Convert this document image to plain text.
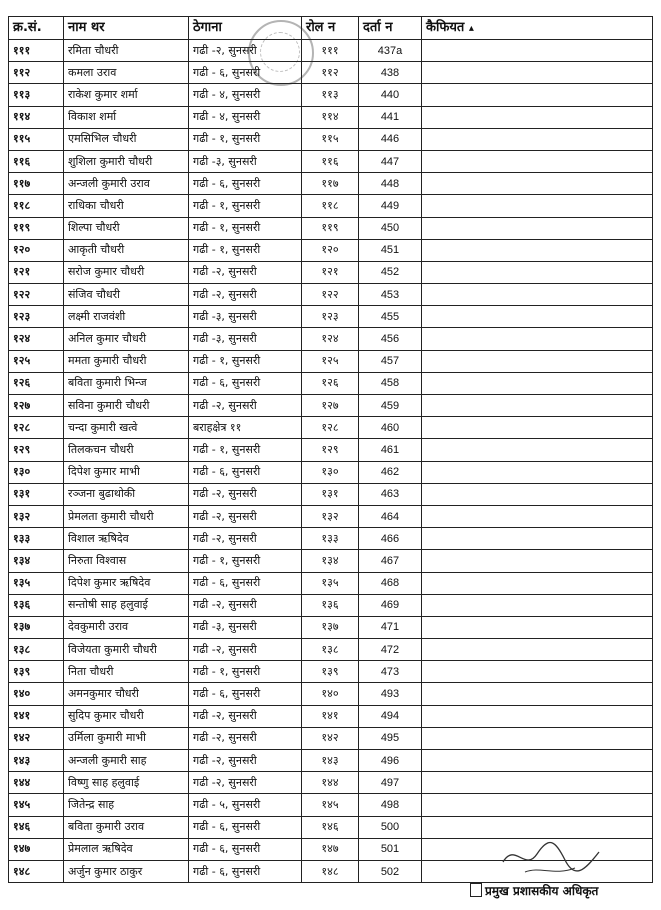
क्र.सं.	नाम थर	ठेगाना	रोल न	दर्ता न	कैफियत ▴
१११	रमिता चौधरी	गढी -२, सुनसरी	१११	437a	
११२	कमला उराव	गढी - ६, सुनसरी	११२	438	
११३	राकेश कुमार शर्मा	गढी - ४, सुनसरी	११३	440	
११४	विकाश शर्मा	गढी - ४, सुनसरी	११४	441	
११५	एमसिभिल चौधरी	गढी - १, सुनसरी	११५	446	
११६	शुशिला कुमारी चौधरी	गढी -३, सुनसरी	११६	447	
११७	अन्जली कुमारी उराव	गढी - ६, सुनसरी	११७	448	
११८	राधिका चौधरी	गढी - १, सुनसरी	११८	449	
११९	शिल्पा चौधरी	गढी - १, सुनसरी	११९	450	
१२०	आकृती चौधरी	गढी - १, सुनसरी	१२०	451	
१२१	सरोज कुमार चौधरी	गढी -२, सुनसरी	१२१	452	
१२२	संजिव चौधरी	गढी -२, सुनसरी	१२२	453	
१२३	लक्ष्मी राजवंशी	गढी -३, सुनसरी	१२३	455	
१२४	अनिल कुमार चौधरी	गढी -३, सुनसरी	१२४	456	
१२५	ममता कुमारी चौधरी	गढी - १, सुनसरी	१२५	457	
१२६	बविता कुमारी भिन्ज	गढी - ६, सुनसरी	१२६	458	
१२७	सविना कुमारी चौधरी	गढी -२, सुनसरी	१२७	459	
१२८	चन्दा कुमारी खत्वे	बराहक्षेत्र ११	१२८	460	
१२९	तिलकचन चौधरी	गढी - १, सुनसरी	१२९	461	
१३०	दिपेश कुमार माभी	गढी - ६, सुनसरी	१३०	462	
१३१	रञ्जना बुढाथोकी	गढी -२, सुनसरी	१३१	463	
१३२	प्रेमलता कुमारी चौधरी	गढी -२, सुनसरी	१३२	464	
१३३	विशाल ऋषिदेव	गढी -२, सुनसरी	१३३	466	
१३४	निरुता विश्वास	गढी - १, सुनसरी	१३४	467	
१३५	दिपेश कुमार ऋषिदेव	गढी - ६, सुनसरी	१३५	468	
१३६	सन्तोषी साह हलुवाई	गढी -२, सुनसरी	१३६	469	
१३७	देवकुमारी उराव	गढी -३, सुनसरी	१३७	471	
१३८	विजेयता कुमारी चौधरी	गढी -२, सुनसरी	१३८	472	
१३९	निता चौधरी	गढी - १, सुनसरी	१३९	473	
१४०	अमनकुमार चौधरी	गढी - ६, सुनसरी	१४०	493	
१४१	सुदिप कुमार चौधरी	गढी -२, सुनसरी	१४१	494	
१४२	उर्मिला कुमारी माभी	गढी -२, सुनसरी	१४२	495	
१४३	अन्जली कुमारी साह	गढी -२, सुनसरी	१४३	496	
१४४	विष्णु साह हलुवाई	गढी -२, सुनसरी	१४४	497	
१४५	जितेन्द्र साह	गढी - ५, सुनसरी	१४५	498	
१४६	बविता कुमारी उराव	गढी - ६, सुनसरी	१४६	500	
१४७	प्रेमलाल ऋषिदेव	गढी - ६, सुनसरी	१४७	501	
१४८	अर्जुन कुमार ठाकुर	गढी - ६, सुनसरी	१४८	502	
प्रमुख प्रशासकीय अधिकृत
